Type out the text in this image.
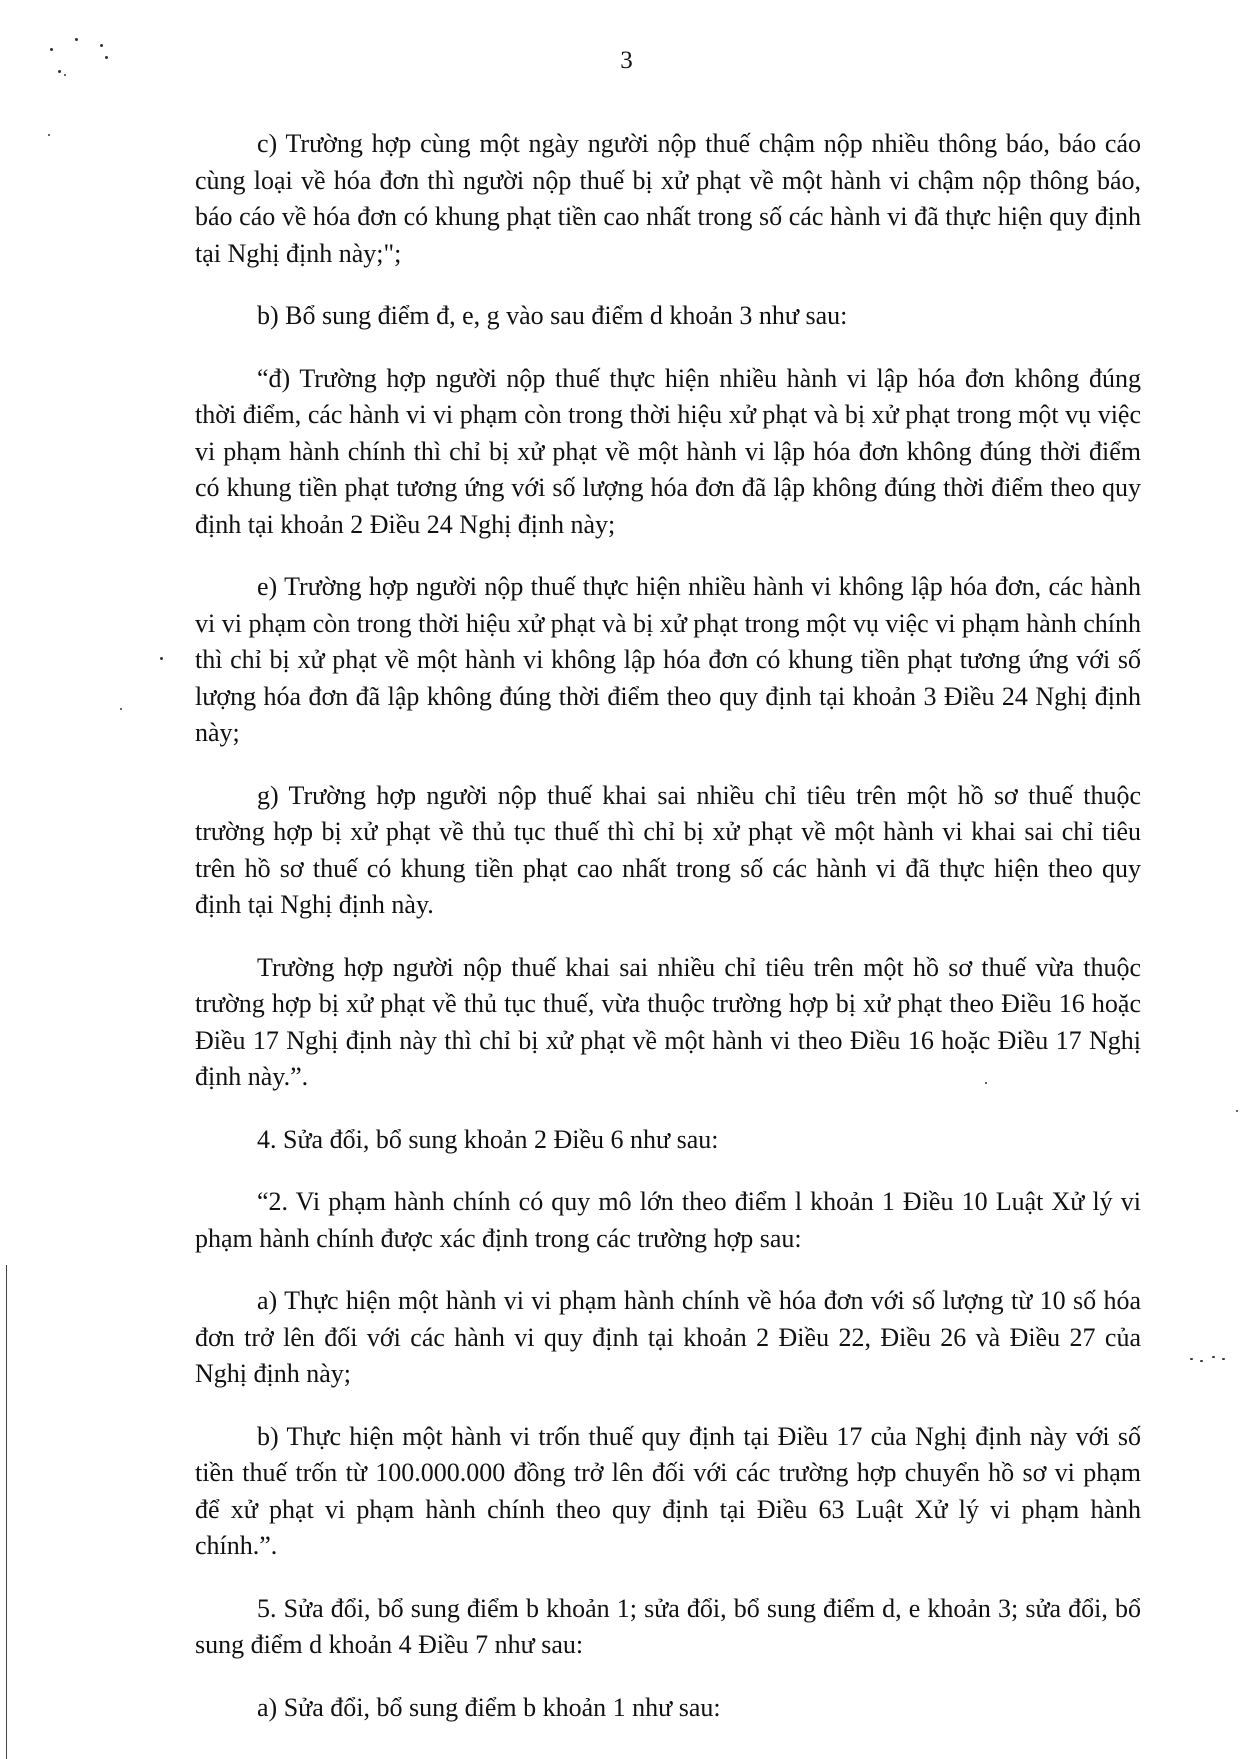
3

c) Trường hợp cùng một ngày người nộp thuế chậm nộp nhiều thông báo, báo cáo cùng loại về hóa đơn thì người nộp thuế bị xử phạt về một hành vi chậm nộp thông báo, báo cáo về hóa đơn có khung phạt tiền cao nhất trong số các hành vi đã thực hiện quy định tại Nghị định này;";

b) Bổ sung điểm đ, e, g vào sau điểm d khoản 3 như sau:

“đ) Trường hợp người nộp thuế thực hiện nhiều hành vi lập hóa đơn không đúng thời điểm, các hành vi vi phạm còn trong thời hiệu xử phạt và bị xử phạt trong một vụ việc vi phạm hành chính thì chỉ bị xử phạt về một hành vi lập hóa đơn không đúng thời điểm có khung tiền phạt tương ứng với số lượng hóa đơn đã lập không đúng thời điểm theo quy định tại khoản 2 Điều 24 Nghị định này;

e) Trường hợp người nộp thuế thực hiện nhiều hành vi không lập hóa đơn, các hành vi vi phạm còn trong thời hiệu xử phạt và bị xử phạt trong một vụ việc vi phạm hành chính thì chỉ bị xử phạt về một hành vi không lập hóa đơn có khung tiền phạt tương ứng với số lượng hóa đơn đã lập không đúng thời điểm theo quy định tại khoản 3 Điều 24 Nghị định này;

g) Trường hợp người nộp thuế khai sai nhiều chỉ tiêu trên một hồ sơ thuế thuộc trường hợp bị xử phạt về thủ tục thuế thì chỉ bị xử phạt về một hành vi khai sai chỉ tiêu trên hồ sơ thuế có khung tiền phạt cao nhất trong số các hành vi đã thực hiện theo quy định tại Nghị định này.

Trường hợp người nộp thuế khai sai nhiều chỉ tiêu trên một hồ sơ thuế vừa thuộc trường hợp bị xử phạt về thủ tục thuế, vừa thuộc trường hợp bị xử phạt theo Điều 16 hoặc Điều 17 Nghị định này thì chỉ bị xử phạt về một hành vi theo Điều 16 hoặc Điều 17 Nghị định này.”.

4. Sửa đổi, bổ sung khoản 2 Điều 6 như sau:

“2. Vi phạm hành chính có quy mô lớn theo điểm l khoản 1 Điều 10 Luật Xử lý vi phạm hành chính được xác định trong các trường hợp sau:

a) Thực hiện một hành vi vi phạm hành chính về hóa đơn với số lượng từ 10 số hóa đơn trở lên đối với các hành vi quy định tại khoản 2 Điều 22, Điều 26 và Điều 27 của Nghị định này;

b) Thực hiện một hành vi trốn thuế quy định tại Điều 17 của Nghị định này với số tiền thuế trốn từ 100.000.000 đồng trở lên đối với các trường hợp chuyển hồ sơ vi phạm để xử phạt vi phạm hành chính theo quy định tại Điều 63 Luật Xử lý vi phạm hành chính.”.

5. Sửa đổi, bổ sung điểm b khoản 1; sửa đổi, bổ sung điểm d, e khoản 3; sửa đổi, bổ sung điểm d khoản 4 Điều 7 như sau:

a) Sửa đổi, bổ sung điểm b khoản 1 như sau:
